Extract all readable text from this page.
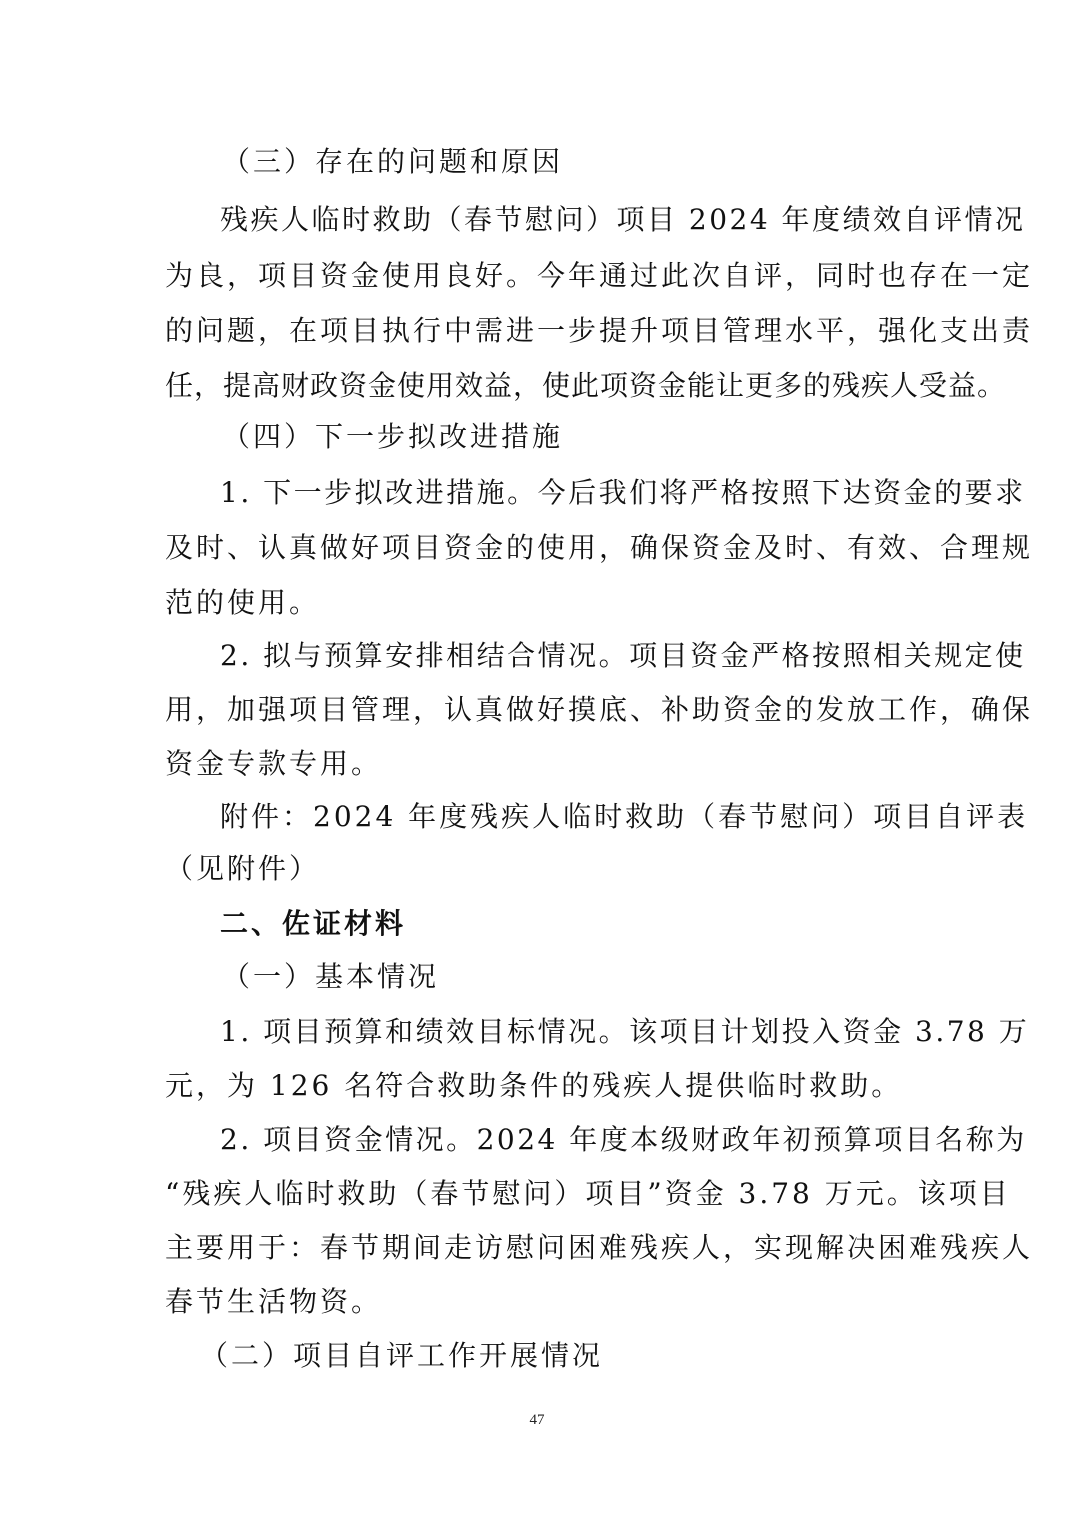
（三）存在的问题和原因
残疾人临时救助（春节慰问）项目 2024 年度绩效自评情况
为良，项目资金使用良好。今年通过此次自评，同时也存在一定
的问题，在项目执行中需进一步提升项目管理水平，强化支出责
任，提高财政资金使用效益，使此项资金能让更多的残疾人受益。
（四）下一步拟改进措施
1. 下一步拟改进措施。今后我们将严格按照下达资金的要求
及时、认真做好项目资金的使用，确保资金及时、有效、合理规
范的使用。
2. 拟与预算安排相结合情况。项目资金严格按照相关规定使
用，加强项目管理，认真做好摸底、补助资金的发放工作，确保
资金专款专用。
附件：2024 年度残疾人临时救助（春节慰问）项目自评表
（见附件）
二、佐证材料
（一）基本情况
1. 项目预算和绩效目标情况。该项目计划投入资金 3.78 万
元，为 126 名符合救助条件的残疾人提供临时救助。
2. 项目资金情况。2024 年度本级财政年初预算项目名称为
“残疾人临时救助（春节慰问）项目”资金 3.78 万元。该项目
主要用于：春节期间走访慰问困难残疾人，实现解决困难残疾人
春节生活物资。
（二）项目自评工作开展情况
47
